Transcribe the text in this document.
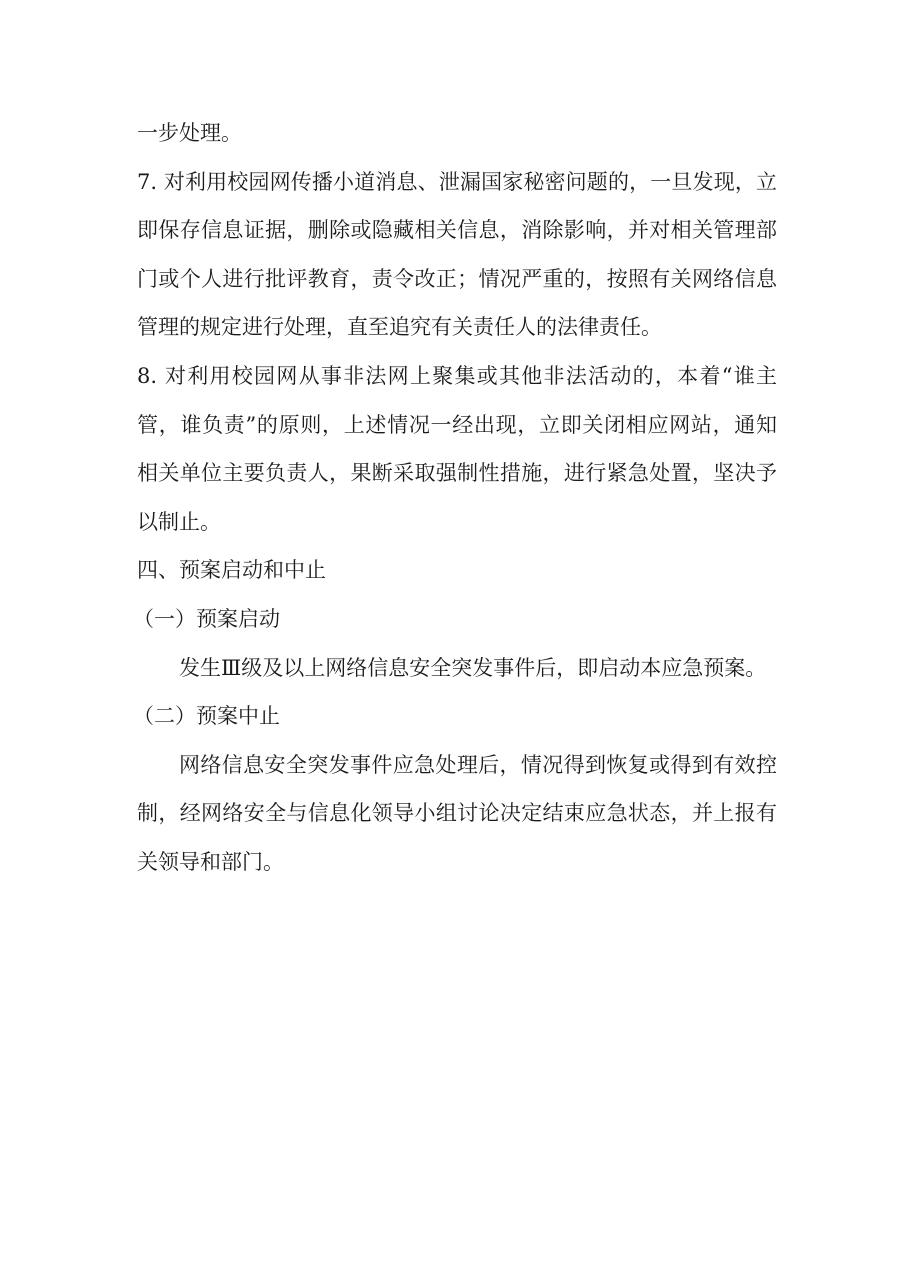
一步处理。

7. 对利用校园网传播小道消息、泄漏国家秘密问题的，一旦发现，立即保存信息证据，删除或隐藏相关信息，消除影响，并对相关管理部门或个人进行批评教育，责令改正；情况严重的，按照有关网络信息管理的规定进行处理，直至追究有关责任人的法律责任。

8. 对利用校园网从事非法网上聚集或其他非法活动的，本着“谁主管，谁负责”的原则，上述情况一经出现，立即关闭相应网站，通知相关单位主要负责人，果断采取强制性措施，进行紧急处置，坚决予以制止。

四、预案启动和中止

（一）预案启动

发生Ⅲ级及以上网络信息安全突发事件后，即启动本应急预案。

（二）预案中止

网络信息安全突发事件应急处理后，情况得到恢复或得到有效控制，经网络安全与信息化领导小组讨论决定结束应急状态，并上报有关领导和部门。
